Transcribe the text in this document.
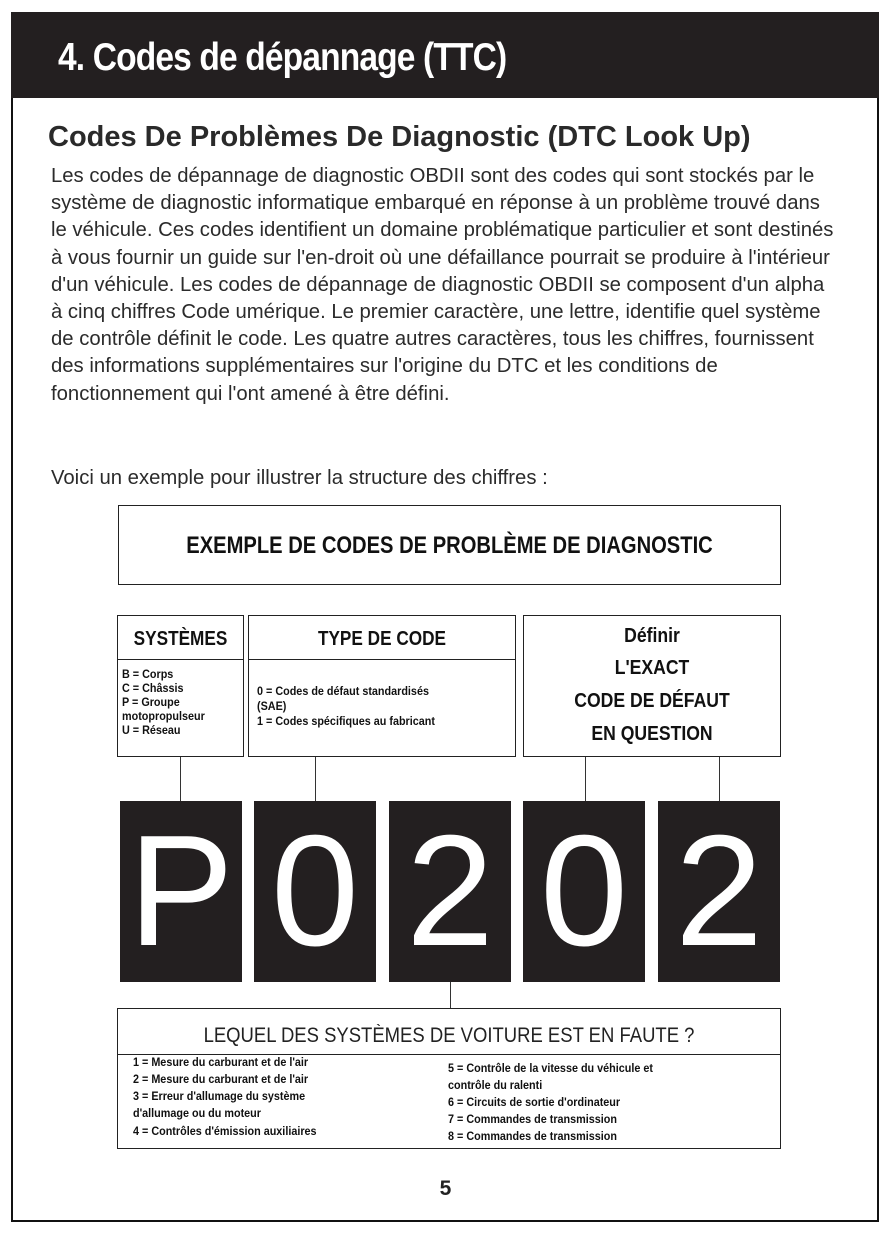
4. Codes de dépannage (TTC)
Codes De Problèmes De Diagnostic (DTC Look Up)
Les codes de dépannage de diagnostic OBDII sont des codes qui sont stockés par le système de diagnostic informatique embarqué en réponse à un problème trouvé dans le véhicule. Ces codes identifient un domaine problématique particulier et sont destinés à vous fournir un guide sur l'en-droit où une défaillance pourrait se produire à l'intérieur d'un véhicule. Les codes de dépannage de diagnostic OBDII se composent d'un alpha à cinq chiffres Code umérique. Le premier caractère, une lettre, identifie quel système de contrôle définit le code. Les quatre autres caractères, tous les chiffres, fournissent des informations supplémentaires sur l'origine du DTC et les conditions de fonctionnement qui l'ont amené à être défini.
Voici un exemple pour illustrer la structure des chiffres :
EXEMPLE DE CODES DE PROBLÈME DE DIAGNOSTIC
SYSTÈMES
B = Corps
C = Châssis
P = Groupe
motopropulseur
U = Réseau
TYPE DE CODE
0 = Codes de défaut standardisés
(SAE)
1 = Codes spécifiques au fabricant
Définir
L'EXACT
CODE DE DÉFAUT
EN QUESTION
P 0 2 0 2
LEQUEL DES SYSTÈMES DE VOITURE EST EN FAUTE ?
1 = Mesure du carburant et de l'air
2 = Mesure du carburant et de l'air
3 = Erreur d'allumage du système
d'allumage ou du moteur
4 = Contrôles d'émission auxiliaires
5 = Contrôle de la vitesse du véhicule et
contrôle du ralenti
6 = Circuits de sortie d'ordinateur
7 = Commandes de transmission
8 = Commandes de transmission
5
